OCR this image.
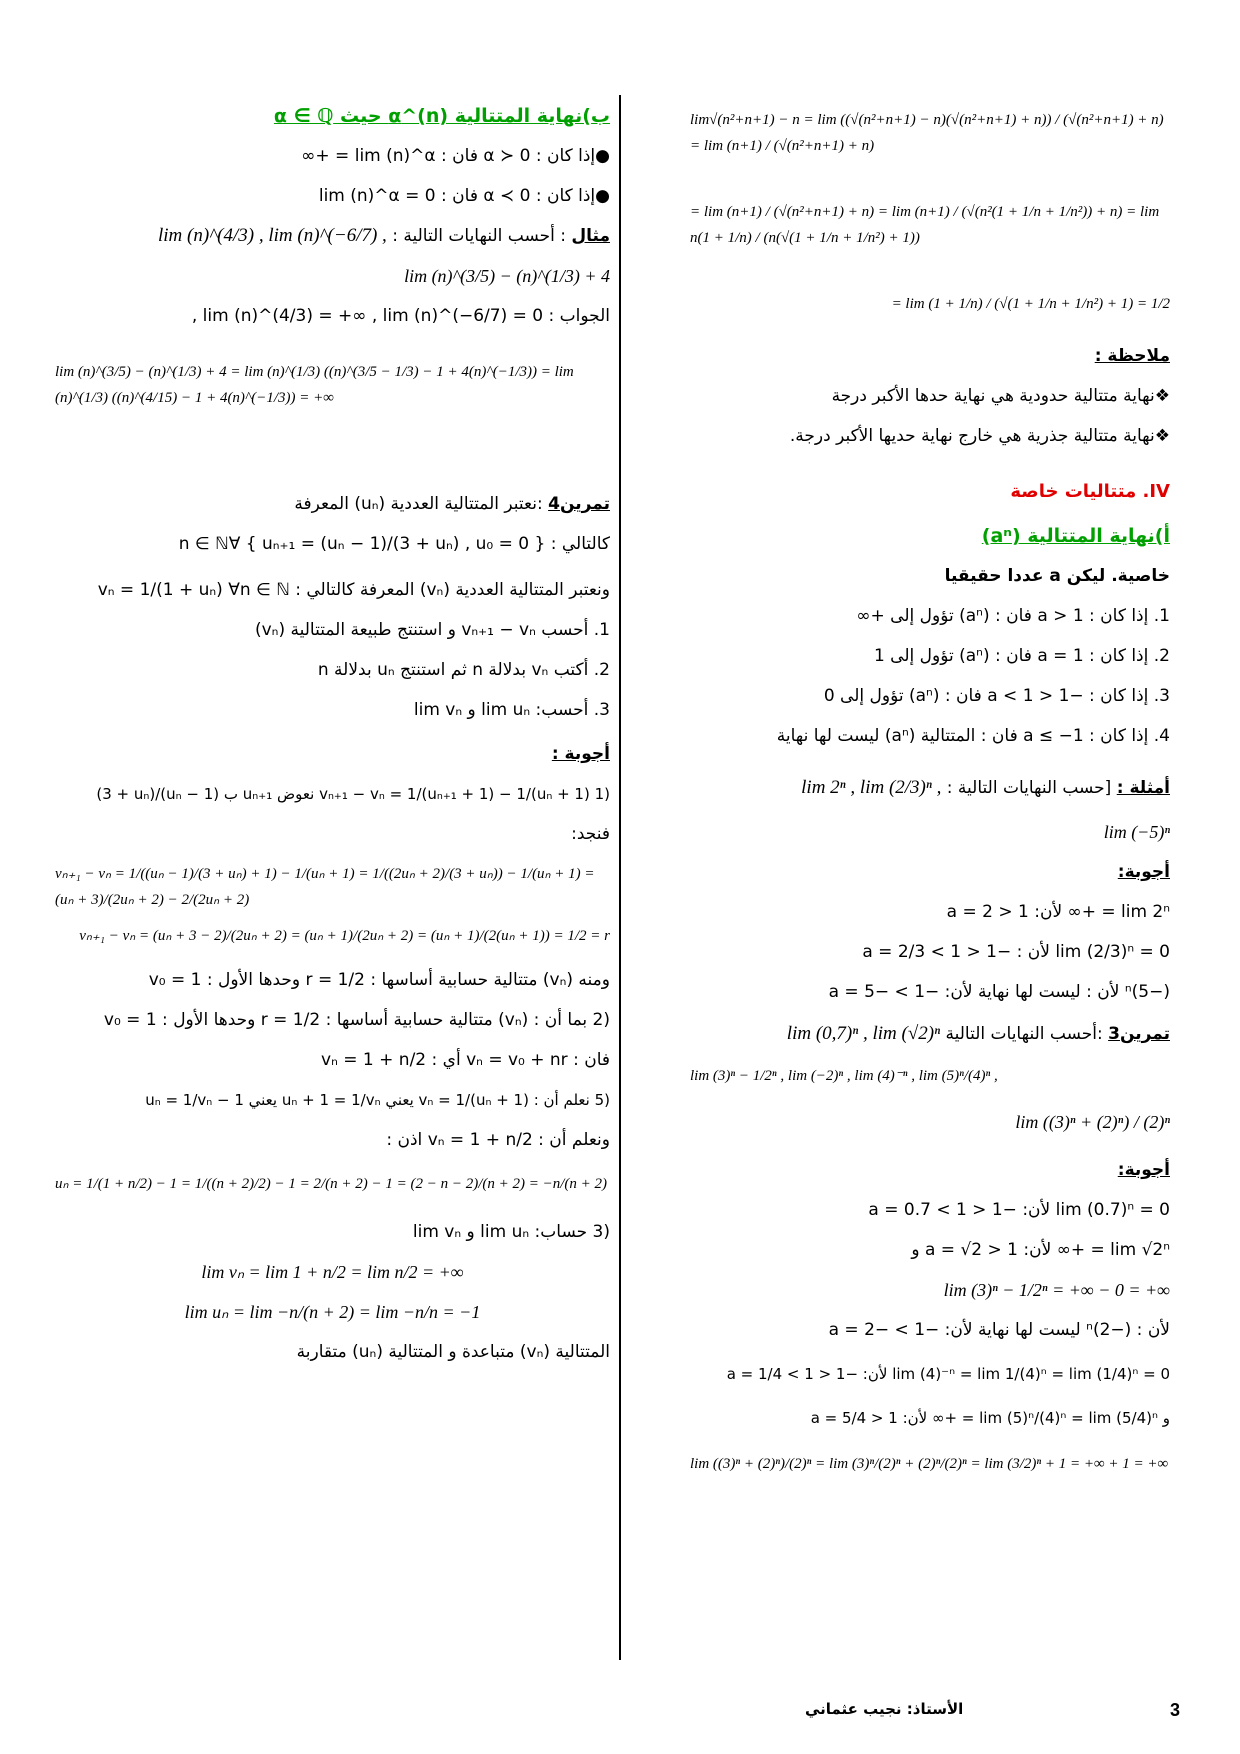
lim√(n²+n+1) − n = lim ((√(n²+n+1) − n)(√(n²+n+1) + n)) / (√(n²+n+1) + n) = lim (n+1) / (√(n²+n+1) + n)
= lim (n+1) / (√(n²+n+1) + n) = lim (n+1) / (√(n²(1 + 1/n + 1/n²)) + n) = lim n(1 + 1/n) / (n(√(1 + 1/n + 1/n²) + 1))
= lim (1 + 1/n) / (√(1 + 1/n + 1/n²) + 1) = 1/2
ملاحظة :
❖ نهاية متتالية حدودية هي نهاية حدها الأكبر درجة
❖ نهاية متتالية جذرية هي خارج نهاية حديها الأكبر درجة.
IV. متتاليات خاصة
أ)نهاية المتتالية (aⁿ)
خاصية. ليكن a عددا حقيقيا
1. إذا كان : a > 1 فان : (aⁿ) تؤول إلى +∞
2. إذا كان : a = 1 فان : (aⁿ) تؤول إلى 1
3. إذا كان : −1 < a < 1 فان : (aⁿ) تؤول إلى 0
4. إذا كان : a ≤ −1 فان : المتتالية (aⁿ) ليست لها نهاية
أمثلة : [حسب النهايات التالية : lim 2ⁿ , lim (2/3)ⁿ ,
lim (−5)ⁿ
أجوبة:
lim 2ⁿ = +∞ لأن: a = 2 > 1
lim (2/3)ⁿ = 0 لأن : −1 < a = 2/3 < 1
(−5)ⁿ لأن : ليست لها نهاية لأن: −1 > −5 = a
تمرين3 :أحسب النهايات التالية lim (0,7)ⁿ , lim (√2)ⁿ
lim (3)ⁿ − 1/2ⁿ , lim (−2)ⁿ , lim (4)⁻ⁿ , lim (5)ⁿ/(4)ⁿ ,
lim ((3)ⁿ + (2)ⁿ) / (2)ⁿ
أجوبة:
lim (0.7)ⁿ = 0 لأن: −1 < a = 0.7 < 1
lim √2ⁿ = +∞ لأن: a = √2 > 1 و
lim (3)ⁿ − 1/2ⁿ = +∞ − 0 = +∞
لأن : (−2)ⁿ ليست لها نهاية لأن: −1 > −2 = a
lim (4)⁻ⁿ = lim 1/(4)ⁿ = lim (1/4)ⁿ = 0 لأن: −1 < a = 1/4 < 1
و lim (5)ⁿ/(4)ⁿ = lim (5/4)ⁿ = +∞ لأن: a = 5/4 > 1
lim ((3)ⁿ + (2)ⁿ)/(2)ⁿ = lim (3)ⁿ/(2)ⁿ + (2)ⁿ/(2)ⁿ = lim (3/2)ⁿ + 1 = +∞ + 1 = +∞
ب)نهاية المتتالية (n)^α حيث α ∈ ℚ
● إذا كان : α ≻ 0 فان : lim (n)^α = +∞
● إذا كان : α ≺ 0 فان : lim (n)^α = 0
مثال : أحسب النهايات التالية : lim (n)^(4/3) , lim (n)^(−6/7) ,
lim (n)^(3/5) − (n)^(1/3) + 4
الجواب : lim (n)^(4/3) = +∞ , lim (n)^(−6/7) = 0 ,
lim (n)^(3/5) − (n)^(1/3) + 4 = lim (n)^(1/3) ((n)^(3/5 − 1/3) − 1 + 4(n)^(−1/3)) = lim (n)^(1/3) ((n)^(4/15) − 1 + 4(n)^(−1/3)) = +∞
تمرين4 :نعتبر المتتالية العددية (uₙ) المعرفة
كالتالي : { uₙ₊₁ = (uₙ − 1)/(3 + uₙ) , u₀ = 0 } ∀n ∈ ℕ
ونعتبر المتتالية العددية (vₙ) المعرفة كالتالي : vₙ = 1/(1 + uₙ) ∀n ∈ ℕ
1. أحسب vₙ₊₁ − vₙ و استنتج طبيعة المتتالية (vₙ)
2. أكتب vₙ بدلالة n ثم استنتج uₙ بدلالة n
3. أحسب: lim uₙ و lim vₙ
أجوبة :
(1 vₙ₊₁ − vₙ = 1/(uₙ₊₁ + 1) − 1/(uₙ + 1) نعوض uₙ₊₁ ب (uₙ − 1)/(3 + uₙ)
فنجد:
vₙ₊₁ − vₙ = 1/((uₙ − 1)/(3 + uₙ) + 1) − 1/(uₙ + 1) = 1/((2uₙ + 2)/(3 + uₙ)) − 1/(uₙ + 1) = (uₙ + 3)/(2uₙ + 2) − 2/(2uₙ + 2)
vₙ₊₁ − vₙ = (uₙ + 3 − 2)/(2uₙ + 2) = (uₙ + 1)/(2uₙ + 2) = (uₙ + 1)/(2(uₙ + 1)) = 1/2 = r
ومنه (vₙ) متتالية حسابية أساسها : r = 1/2 وحدها الأول : v₀ = 1
(2 بما أن : (vₙ) متتالية حسابية أساسها : r = 1/2 وحدها الأول : v₀ = 1
فان : vₙ = v₀ + nr أي : vₙ = 1 + n/2
(5 نعلم أن : vₙ = 1/(uₙ + 1) يعني uₙ + 1 = 1/vₙ يعني uₙ = 1/vₙ − 1
ونعلم أن : vₙ = 1 + n/2 اذن :
uₙ = 1/(1 + n/2) − 1 = 1/((n + 2)/2) − 1 = 2/(n + 2) − 1 = (2 − n − 2)/(n + 2) = −n/(n + 2)
(3 حساب: lim uₙ و lim vₙ
lim vₙ = lim 1 + n/2 = lim n/2 = +∞
lim uₙ = lim −n/(n + 2) = lim −n/n = −1
المتتالية (vₙ) متباعدة و المتتالية (uₙ) متقاربة
الأستاذ: نجيب عثماني	3
